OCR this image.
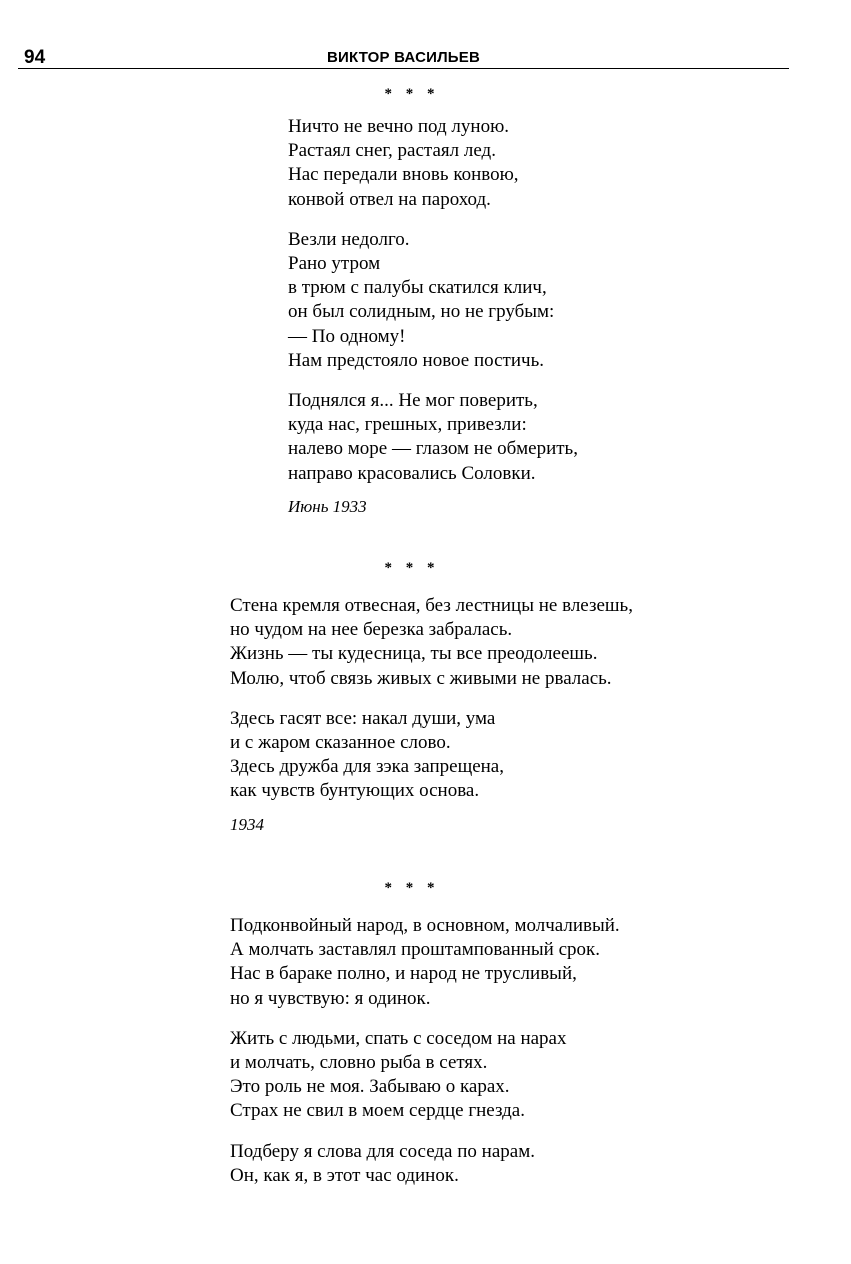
94	ВИКТОР ВАСИЛЬЕВ
* * *
Ничто не вечно под луною.
Растаял снег, растаял лед.
Нас передали вновь конвою,
конвой отвел на пароход.
Везли недолго.
Рано утром
в трюм с палубы скатился клич,
он был солидным, но не грубым:
— По одному!
Нам предстояло новое постичь.
Поднялся я... Не мог поверить,
куда нас, грешных, привезли:
налево море — глазом не обмерить,
направо красовались Соловки.
Июнь 1933
* * *
Стена кремля отвесная, без лестницы не влезешь,
но чудом на нее березка забралась.
Жизнь — ты кудесница, ты все преодолеешь.
Молю, чтоб связь живых с живыми не рвалась.
Здесь гасят все: накал души, ума
и с жаром сказанное слово.
Здесь дружба для зэка запрещена,
как чувств бунтующих основа.
1934
* * *
Подконвойный народ, в основном, молчаливый.
А молчать заставлял проштампованный срок.
Нас в бараке полно, и народ не трусливый,
но я чувствую: я одинок.
Жить с людьми, спать с соседом на нарах
и молчать, словно рыба в сетях.
Это роль не моя. Забываю о карах.
Страх не свил в моем сердце гнезда.
Подберу я слова для соседа по нарам.
Он, как я, в этот час одинок.
